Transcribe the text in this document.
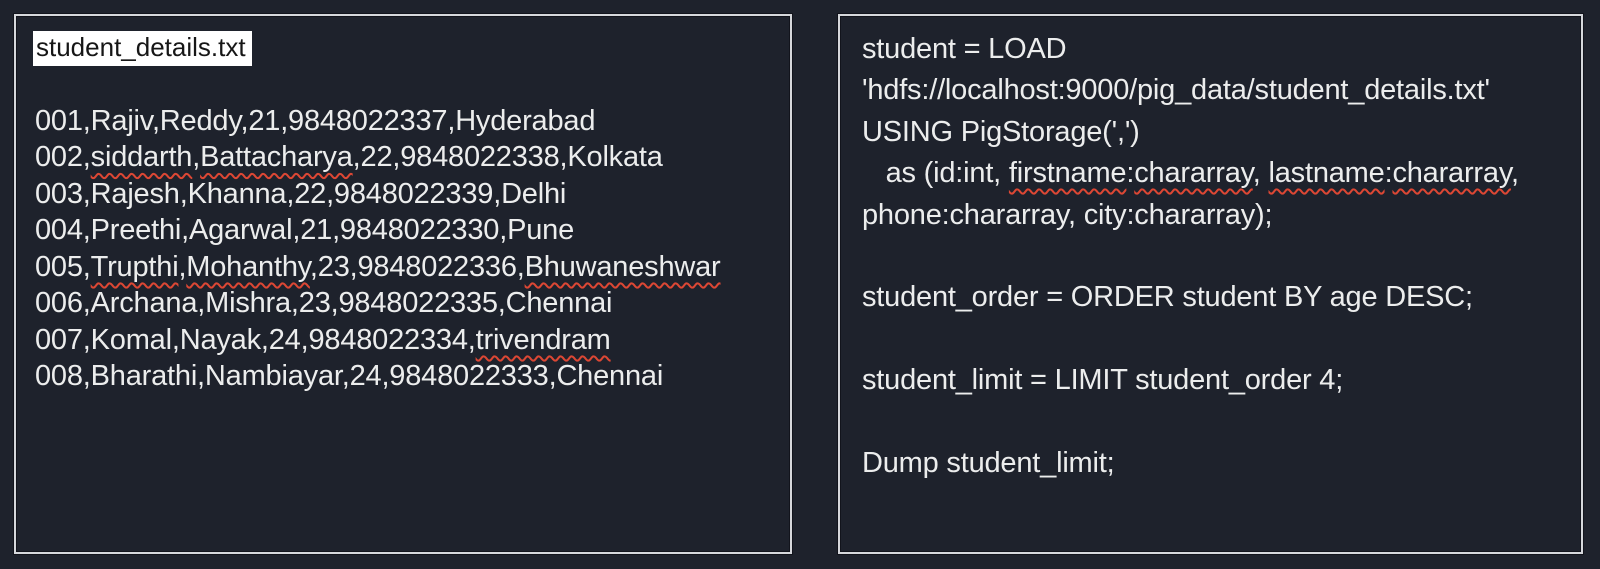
student_details.txt
001,Rajiv,Reddy,21,9848022337,Hyderabad
002,siddarth,Battacharya,22,9848022338,Kolkata
003,Rajesh,Khanna,22,9848022339,Delhi
004,Preethi,Agarwal,21,9848022330,Pune
005,Trupthi,Mohanthy,23,9848022336,Bhuwaneshwar
006,Archana,Mishra,23,9848022335,Chennai
007,Komal,Nayak,24,9848022334,trivendram
008,Bharathi,Nambiayar,24,9848022333,Chennai
student = LOAD
'hdfs://localhost:9000/pig_data/student_details.txt'
USING PigStorage(',')
as (id:int, firstname:chararray, lastname:chararray,
phone:chararray, city:chararray);

student_order = ORDER student BY age DESC;

student_limit = LIMIT student_order 4;

Dump student_limit;
